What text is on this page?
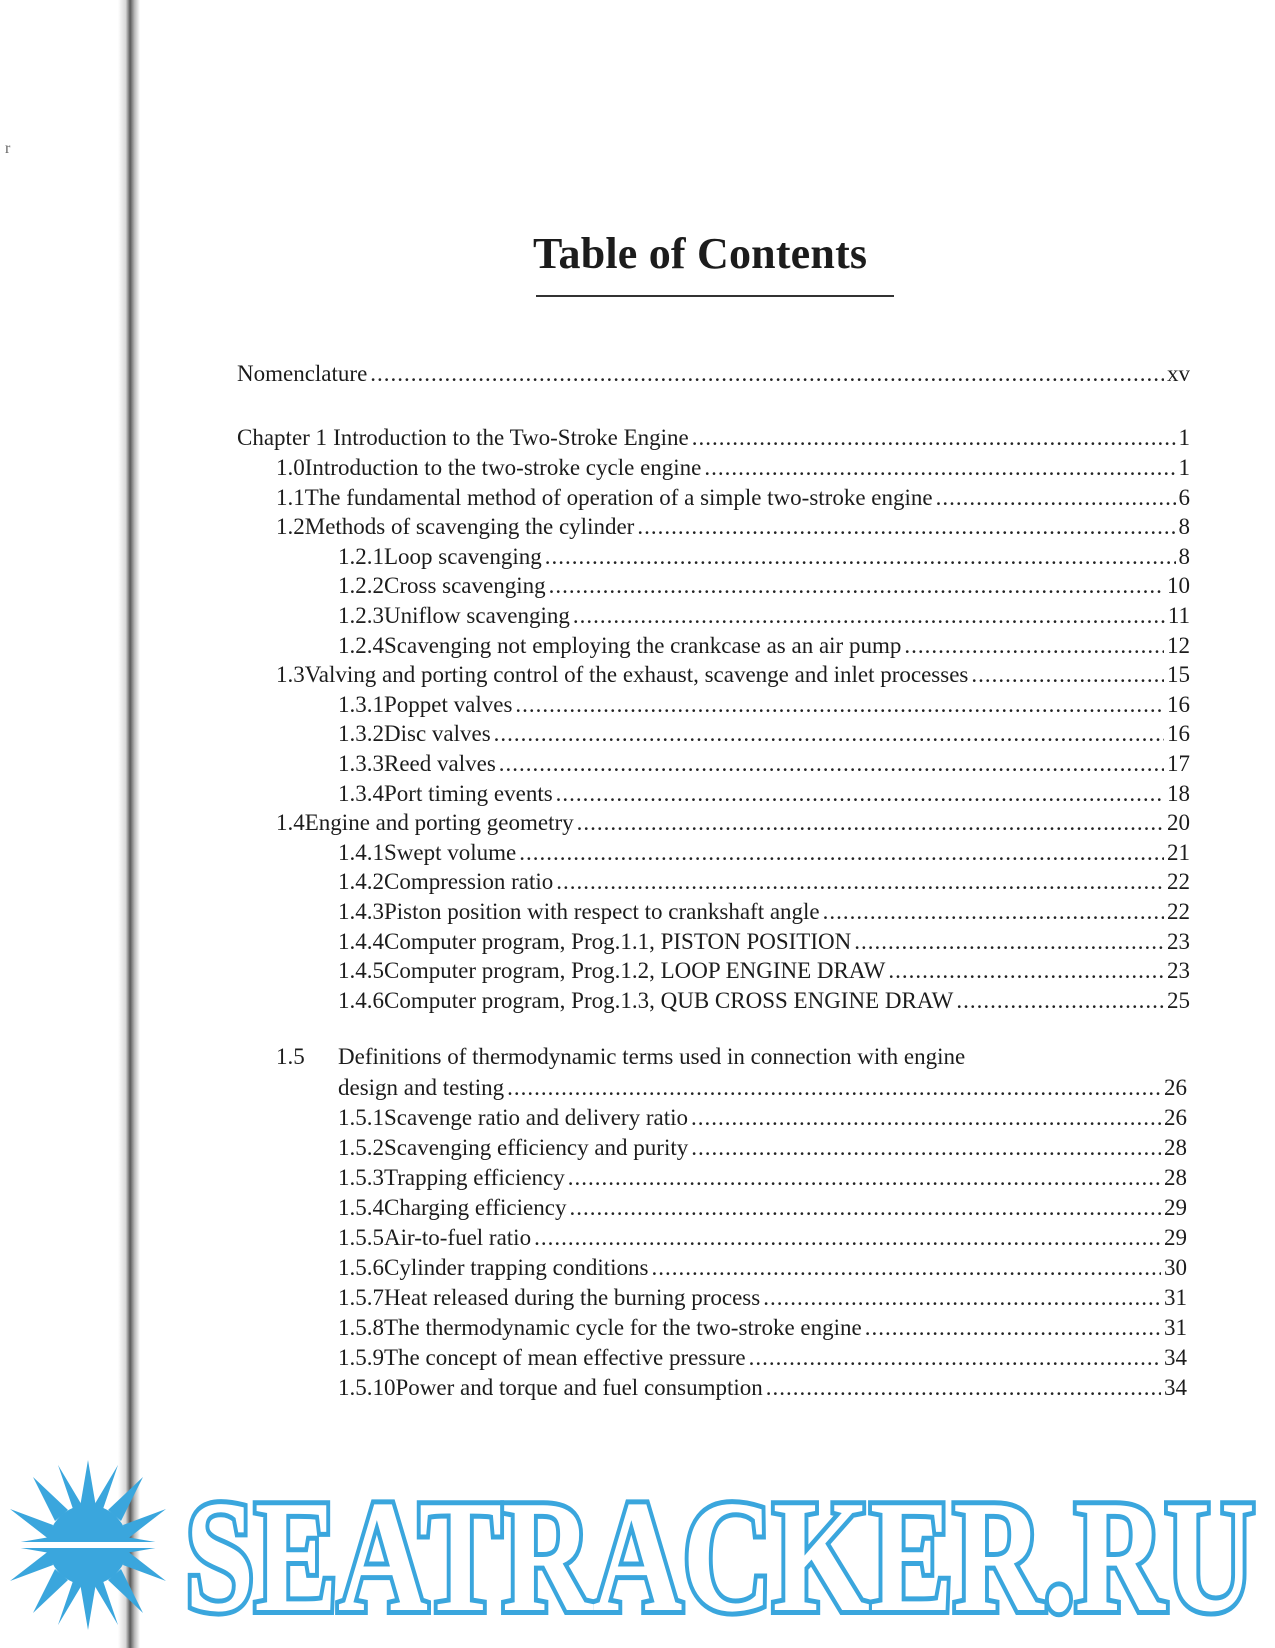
r
Table of Contents
Nomenclature .....	xv
Chapter 1 Introduction to the Two-Stroke Engine .....	1
1.0 Introduction to the two-stroke cycle engine .....	1
1.1 The fundamental method of operation of a simple two-stroke engine .....	6
1.2 Methods of scavenging the cylinder .....	8
1.2.1 Loop scavenging .....	8
1.2.2 Cross scavenging .....	10
1.2.3 Uniflow scavenging .....	11
1.2.4 Scavenging not employing the crankcase as an air pump .....	12
1.3 Valving and porting control of the exhaust, scavenge and inlet processes .....	15
1.3.1 Poppet valves .....	16
1.3.2 Disc valves .....	16
1.3.3 Reed valves .....	17
1.3.4 Port timing events .....	18
1.4 Engine and porting geometry .....	20
1.4.1 Swept volume .....	21
1.4.2 Compression ratio .....	22
1.4.3 Piston position with respect to crankshaft angle .....	22
1.4.4 Computer program, Prog.1.1, PISTON POSITION .....	23
1.4.5 Computer program, Prog.1.2, LOOP ENGINE DRAW .....	23
1.4.6 Computer program, Prog.1.3, QUB CROSS ENGINE DRAW .....	25
1.5	Definitions of thermodynamic terms used in connection with engine
design and testing .....	26
1.5.1 Scavenge ratio and delivery ratio .....	26
1.5.2 Scavenging efficiency and purity .....	28
1.5.3 Trapping efficiency .....	28
1.5.4 Charging efficiency .....	29
1.5.5 Air-to-fuel ratio .....	29
1.5.6 Cylinder trapping conditions .....	30
1.5.7 Heat released during the burning process .....	31
1.5.8 The thermodynamic cycle for the two-stroke engine .....	31
1.5.9 The concept of mean effective pressure .....	34
1.5.10 Power and torque and fuel consumption .....	34
xi
SEATRACKER.RU
